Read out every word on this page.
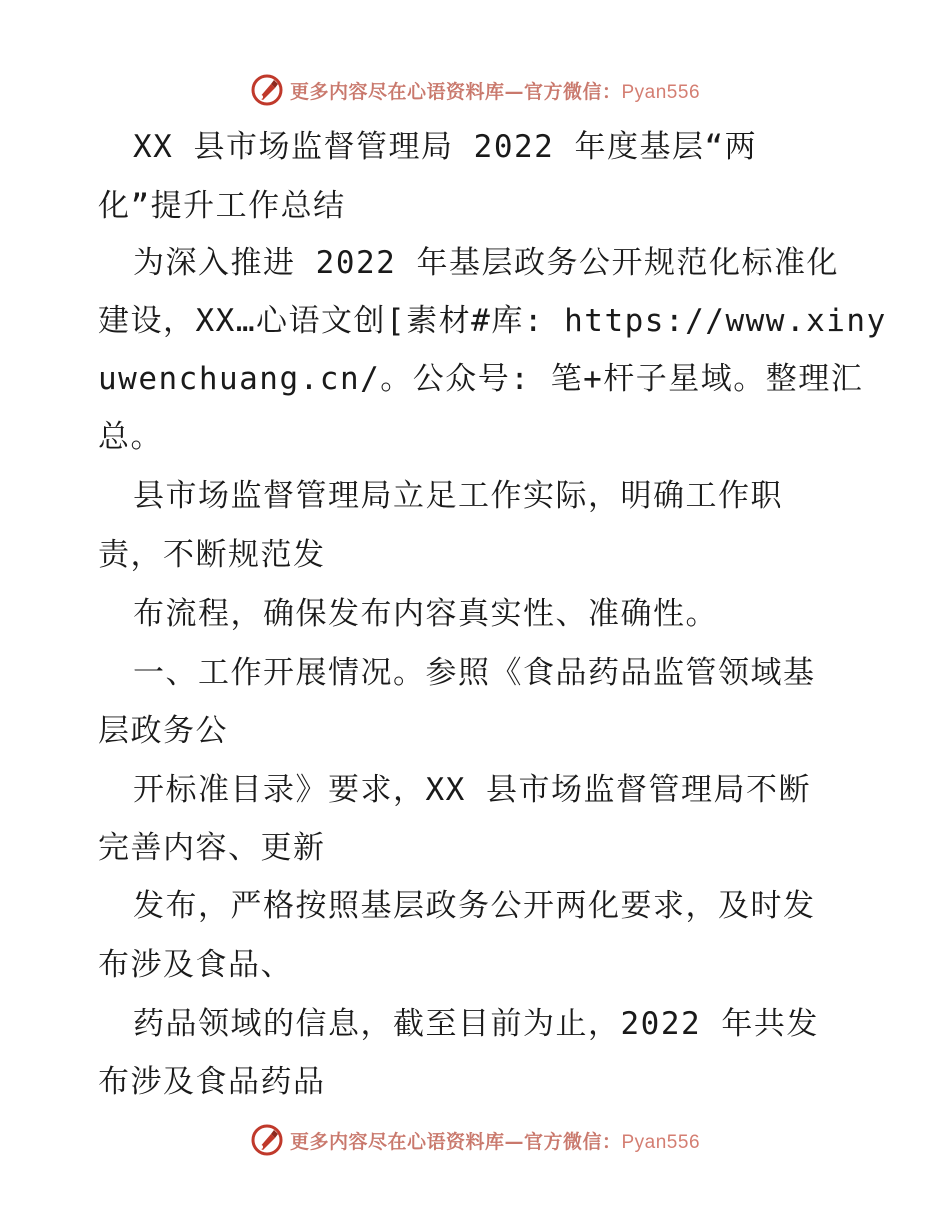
更多内容尽在心语资料库—官方微信：Pyan556
XX 县市场监督管理局 2022 年度基层“两
化”提升工作总结
为深入推进 2022 年基层政务公开规范化标准化
建设，XX…心语文创[素材#库: https://www.xiny
uwenchuang.cn/。公众号: 笔+杆子星域。整理汇
总。
县市场监督管理局立足工作实际，明确工作职
责，不断规范发
布流程，确保发布内容真实性、准确性。
一、工作开展情况。参照《食品药品监管领域基
层政务公
开标准目录》要求，XX 县市场监督管理局不断
完善内容、更新
发布，严格按照基层政务公开两化要求，及时发
布涉及食品、
药品领域的信息，截至目前为止，2022 年共发
布涉及食品药品
更多内容尽在心语资料库—官方微信：Pyan556
